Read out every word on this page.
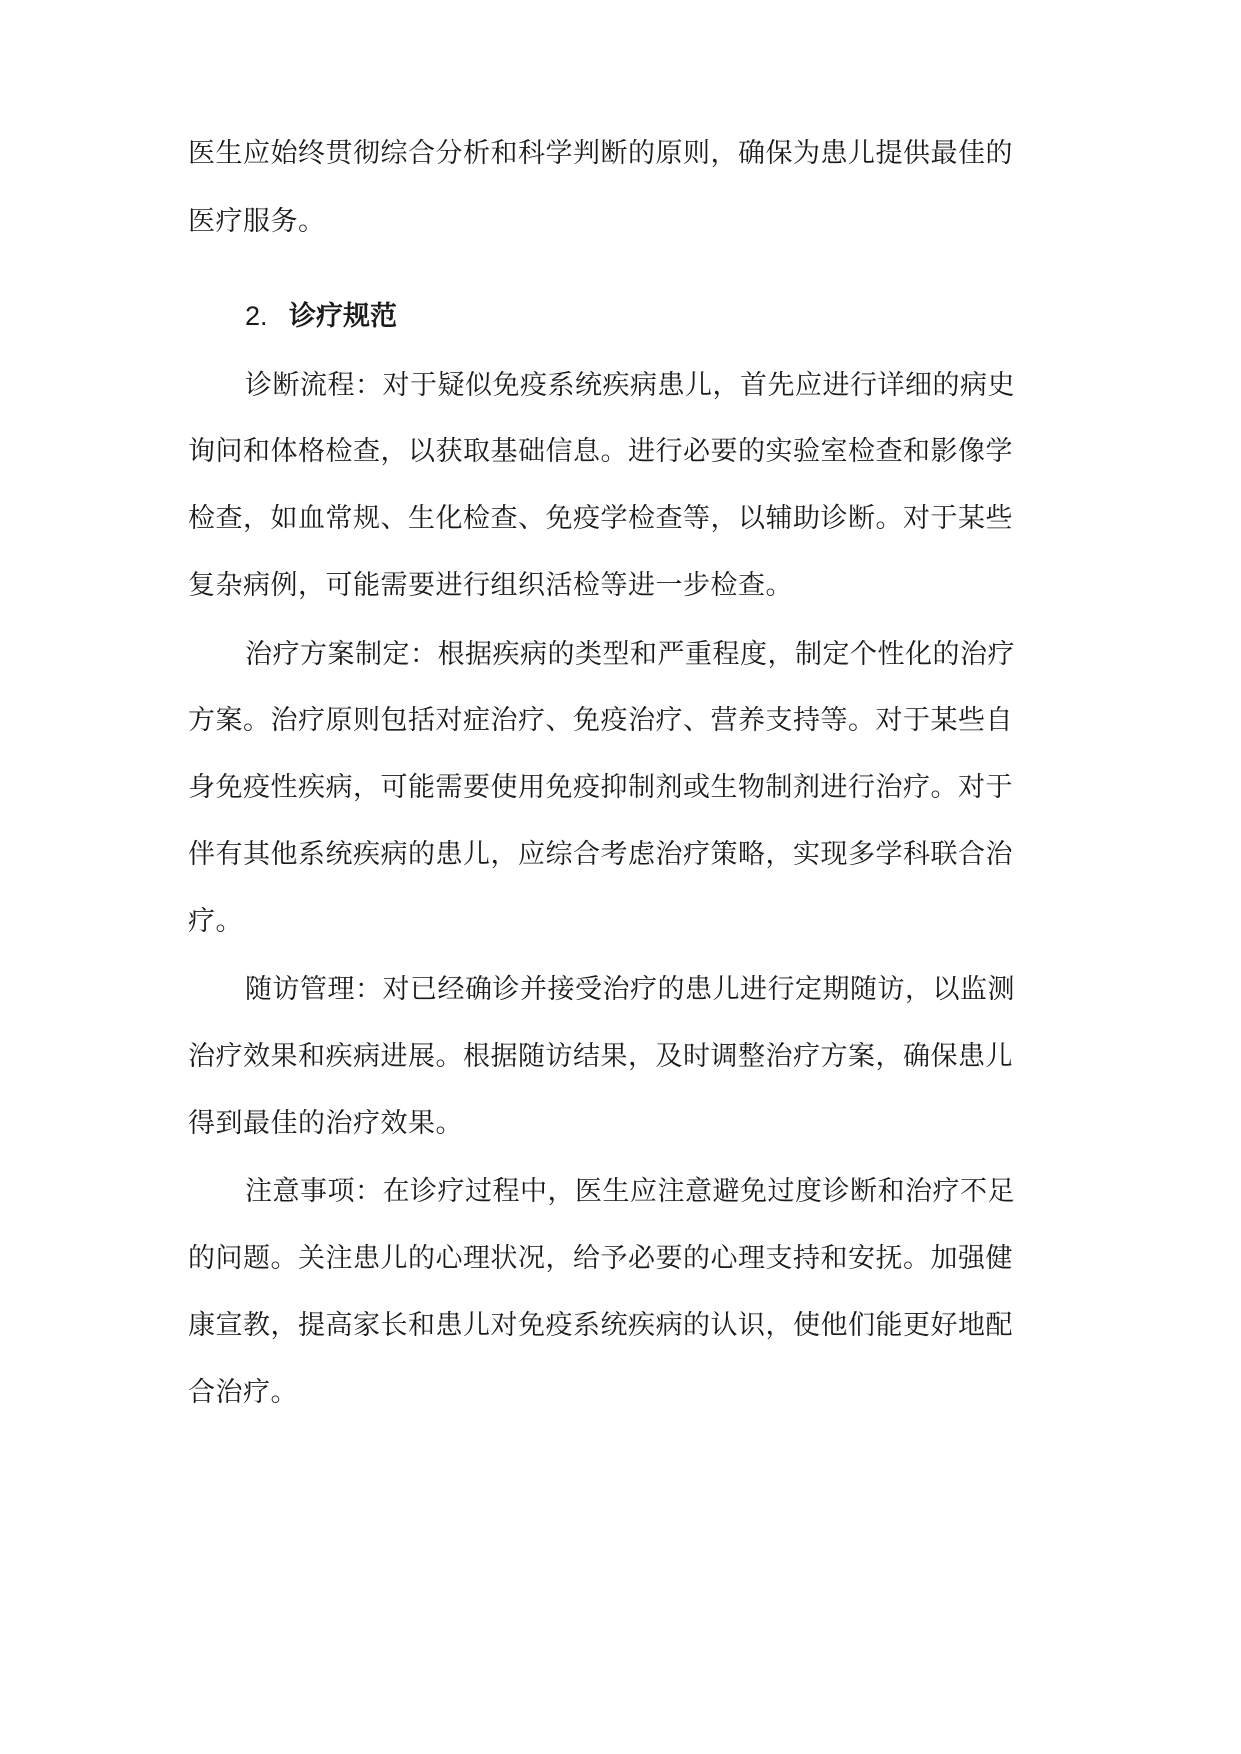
医生应始终贯彻综合分析和科学判断的原则，确保为患儿提供最佳的
医疗服务。
2. 诊疗规范
诊断流程：对于疑似免疫系统疾病患儿，首先应进行详细的病史
询问和体格检查，以获取基础信息。进行必要的实验室检查和影像学
检查，如血常规、生化检查、免疫学检查等，以辅助诊断。对于某些
复杂病例，可能需要进行组织活检等进一步检查。
治疗方案制定：根据疾病的类型和严重程度，制定个性化的治疗
方案。治疗原则包括对症治疗、免疫治疗、营养支持等。对于某些自
身免疫性疾病，可能需要使用免疫抑制剂或生物制剂进行治疗。对于
伴有其他系统疾病的患儿，应综合考虑治疗策略，实现多学科联合治
疗。
随访管理：对已经确诊并接受治疗的患儿进行定期随访，以监测
治疗效果和疾病进展。根据随访结果，及时调整治疗方案，确保患儿
得到最佳的治疗效果。
注意事项：在诊疗过程中，医生应注意避免过度诊断和治疗不足
的问题。关注患儿的心理状况，给予必要的心理支持和安抚。加强健
康宣教，提高家长和患儿对免疫系统疾病的认识，使他们能更好地配
合治疗。
